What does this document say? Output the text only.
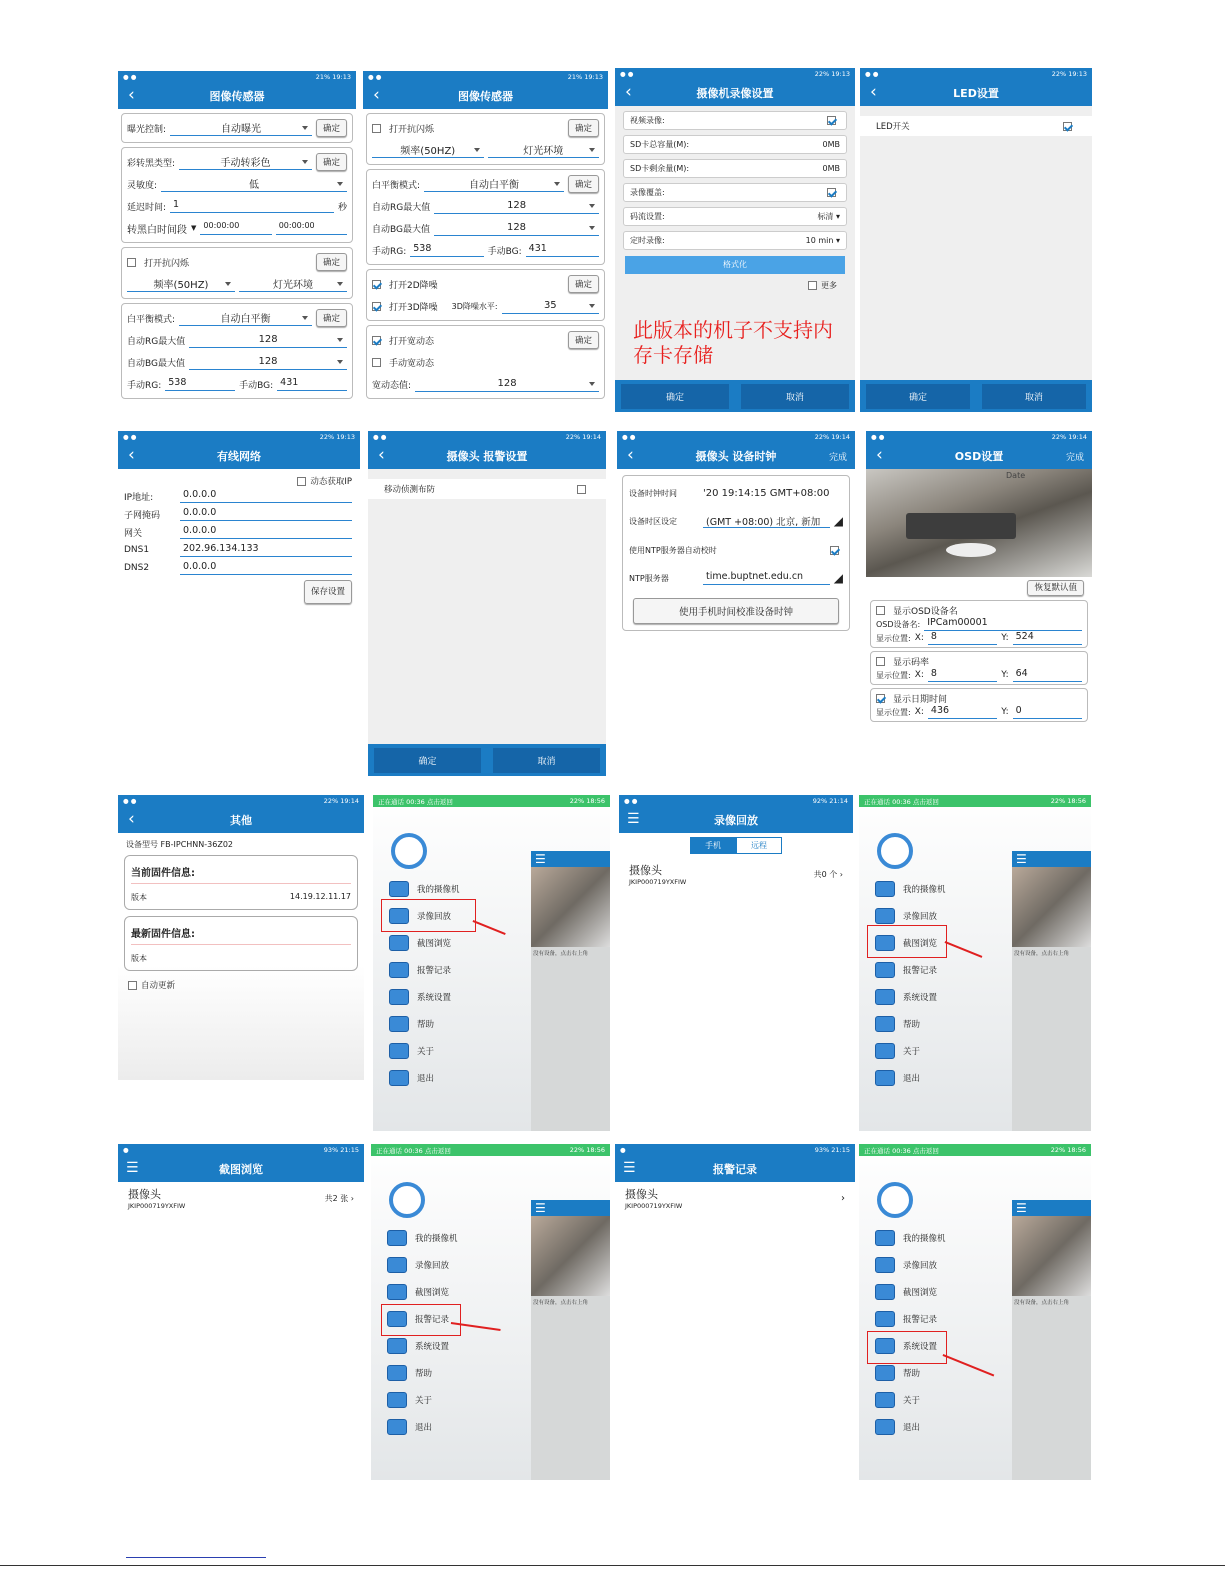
● ●	21% 19:13
‹	图像传感器
曝光控制:	自动曝光	确定
彩转黑类型:	手动转彩色	确定
灵敏度:	低
延迟时间: 1	秒
转黑白时间段 ▼ 00:00:00	00:00:00
打开抗闪烁	确定
频率(50HZ)	灯光环境
白平衡模式:	自动白平衡	确定
自动RG最大值	128
自动BG最大值	128
手动RG: 538	手动BG: 431
● ●	21% 19:13
‹	图像传感器
打开抗闪烁	确定
频率(50HZ)	灯光环境
白平衡模式:	自动白平衡	确定
自动RG最大值	128
自动BG最大值	128
手动RG: 538	手动BG: 431
打开2D降噪	确定
打开3D降噪 3D降噪水平:	35
打开宽动态	确定
手动宽动态
宽动态值:	128
● ●	22% 19:13
‹	摄像机录像设置
视频录像:
SD卡总容量(M):	0MB
SD卡剩余量(M):	0MB
录像覆盖:
码流设置:	标清 ▾
定时录像:	10 min ▾
格式化
更多
此版本的机子不支持内存卡存储
确定	取消
● ●	22% 19:13
‹	LED设置
LED开关
确定	取消
● ●	22% 19:13
‹	有线网络
动态获取IP
IP地址:	0.0.0.0
子网掩码	0.0.0.0
网关	0.0.0.0
DNS1	202.96.134.133
DNS2	0.0.0.0
保存设置
● ●	22% 19:14
‹	摄像头 报警设置
移动侦测布防
确定	取消
● ●	22% 19:14
‹	摄像头 设备时钟	完成
设备时钟时间	'20 19:14:15 GMT+08:00
设备时区设定	(GMT +08:00) 北京, 新加	◢
使用NTP服务器自动校时
NTP服务器	time.buptnet.edu.cn	◢
使用手机时间校准设备时钟
● ●	22% 19:14
‹	OSD设置	完成
Date
恢复默认值
显示OSD设备名
OSD设备名: IPCam00001
显示位置: X: 8	Y: 524
显示码率
显示位置: X: 8	Y: 64
显示日期时间
显示位置: X: 436	Y: 0
● ●	22% 19:14
‹	其他
设备型号 FB-IPCHNN-36Z02
当前固件信息:
版本	14.19.12.11.17
最新固件信息:
版本
自动更新
正在通话 00:36 点击返回	22% 18:56
☰
没有设备，点击右上角
我的摄像机
录像回放
截图浏览
报警记录
系统设置
帮助
关于
退出
● ●	92% 21:14
☰	录像回放
手机	远程
摄像头
JKIP000719YXFIW
共0 个 ›
正在通话 00:36 点击返回	22% 18:56
☰
没有设备，点击右上角
我的摄像机
录像回放
截图浏览
报警记录
系统设置
帮助
关于
退出
●	93% 21:15
☰	截图浏览
摄像头
JKIP000719YXFIW
共2 张 ›
正在通话 00:36 点击返回	22% 18:56
☰
没有设备，点击右上角
我的摄像机
录像回放
截图浏览
报警记录
系统设置
帮助
关于
退出
●	93% 21:15
☰	报警记录
摄像头
JKIP000719YXFIW
›
正在通话 00:36 点击返回	22% 18:56
☰
没有设备，点击右上角
我的摄像机
录像回放
截图浏览
报警记录
系统设置
帮助
关于
退出
